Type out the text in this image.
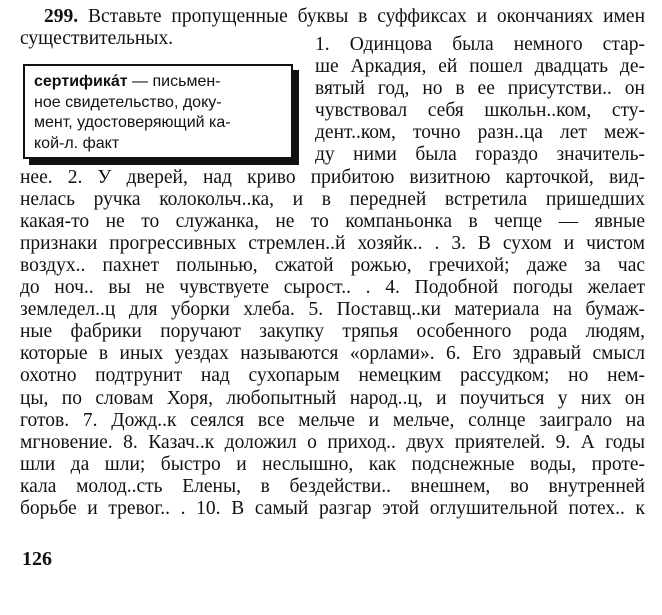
299. Вставьте пропущенные буквы в суффиксах и окончаниях имен существительных.	1. Одинцова была немного стар-
ше Аркадия, ей пошел двадцать де-
вятый год, но в ее присутстви.. он
чувствовал себя школьн..ком, сту-
дент..ком, точно разн..ца лет меж-
ду ними была гораздо значитель-
нее. 2. У дверей, над криво прибитою визитною карточкой, вид-
нелась ручка колокольч..ка, и в передней встретила пришедших
какая-то не то служанка, не то компаньонка в чепце — явные
признаки прогрессивных стремлен..й хозяйк.. . 3. В сухом и чистом
воздух.. пахнет полынью, сжатой рожью, гречихой; даже за час
до ноч.. вы не чувствуете сырост.. . 4. Подобной погоды желает
земледел..ц для уборки хлеба. 5. Поставщ..ки материала на бумаж-
ные фабрики поручают закупку тряпья особенного рода людям,
которые в иных уездах называются «орлами». 6. Его здравый смысл
охотно подтрунит над сухопарым немецким рассудком; но нем-
цы, по словам Хоря, любопытный народ..ц, и поучиться у них он
готов. 7. Дожд..к сеялся все мельче и мельче, солнце заиграло на
мгновение. 8. Казач..к доложил о приход.. двух приятелей. 9. А годы
шли да шли; быстро и неслышно, как подснежные воды, проте-
кала молод..сть Елены, в бездействи.. внешнем, во внутренней
борьбе и тревог.. . 10. В самый разгар этой оглушительной потех.. к
сертифика́т — письмен-
ное свидетельство, доку-
мент, удостоверяющий ка-
кой-л. факт
126
